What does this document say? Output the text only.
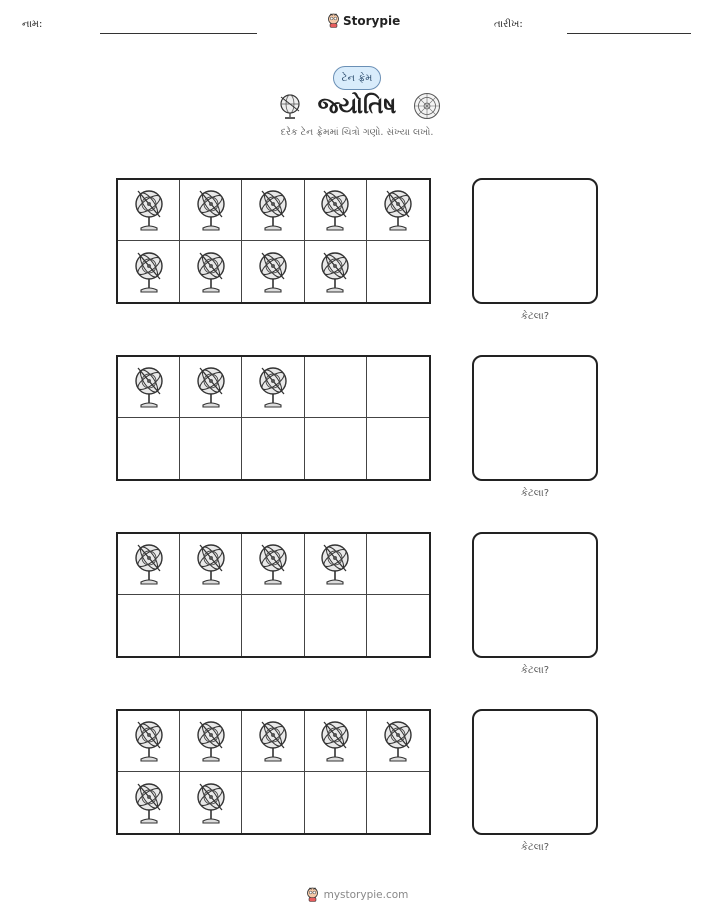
નામ:	Storypie	તારીખ:
ટેન ફ્રેમ
જ્યોતિષ
દરેક ટેન ફ્રેમમાં ચિત્રો ગણો. સંખ્યા લખો.
કેટલા?
કેટલા?
કેટલા?
કેટલા?
mystorypie.com
